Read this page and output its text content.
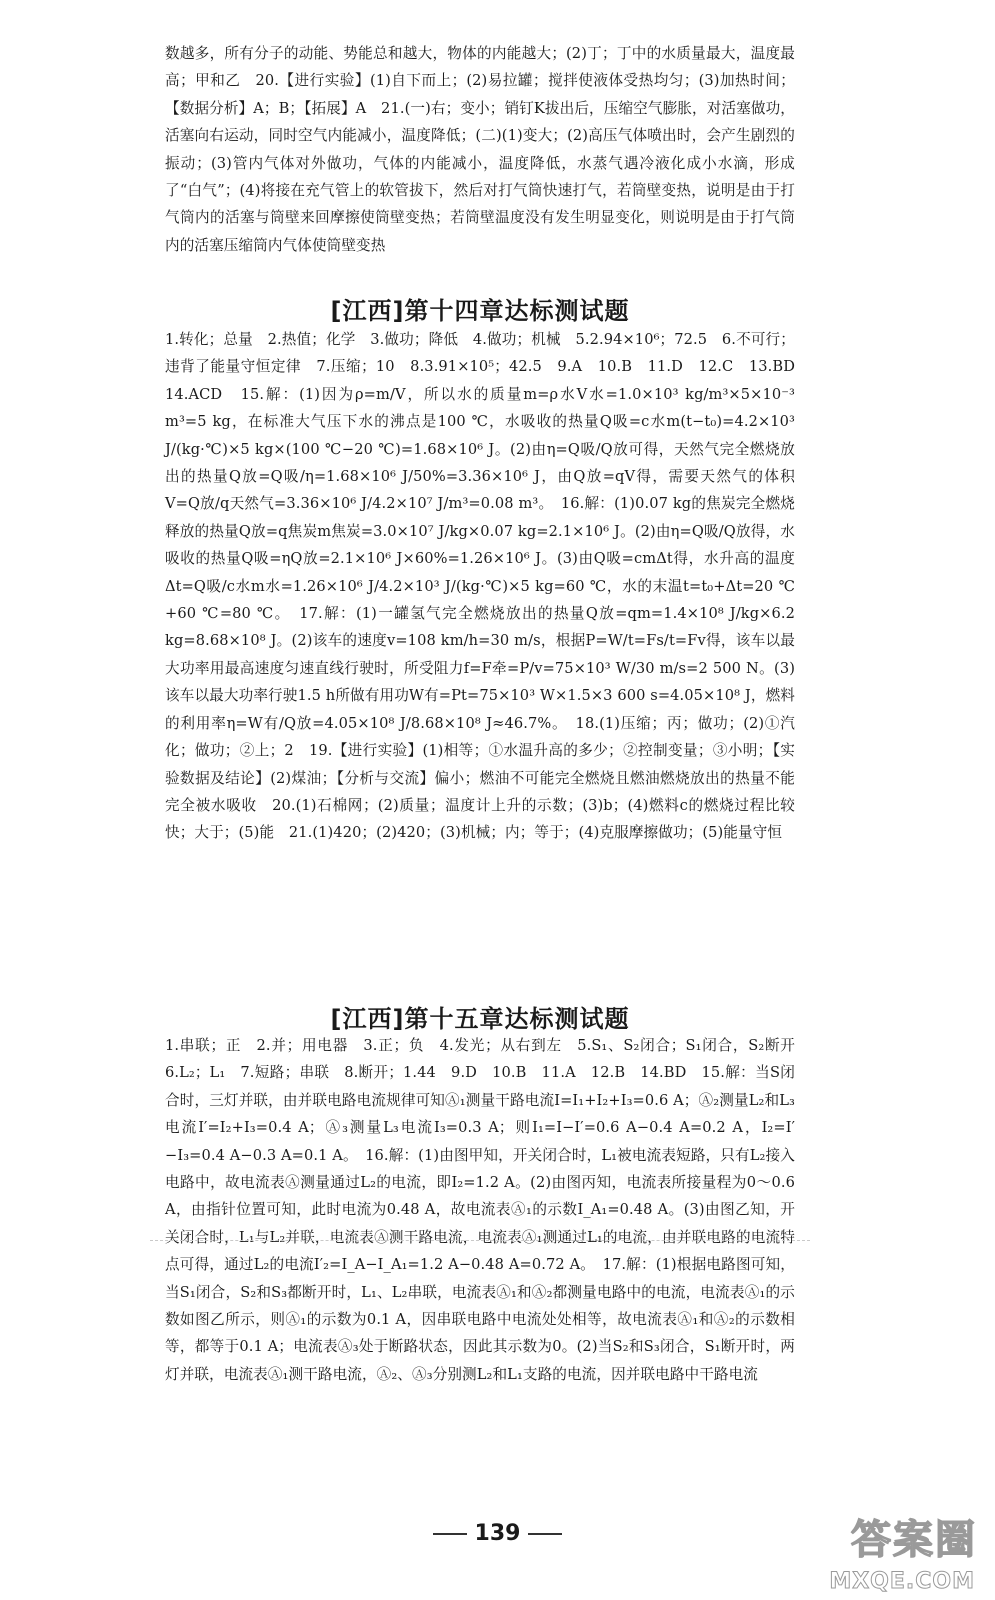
数越多，所有分子的动能、势能总和越大，物体的内能越大；(2)丁；丁中的水质量最大，温度最高；甲和乙　20.【进行实验】(1)自下而上；(2)易拉罐；搅拌使液体受热均匀；(3)加热时间；【数据分析】A；B；【拓展】A　21.(一)右；变小；销钉K拔出后，压缩空气膨胀，对活塞做功，活塞向右运动，同时空气内能减小，温度降低；(二)(1)变大；(2)高压气体喷出时，会产生剧烈的振动；(3)管内气体对外做功，气体的内能减小，温度降低，水蒸气遇冷液化成小水滴，形成了“白气”；(4)将接在充气管上的软管拔下，然后对打气筒快速打气，若筒壁变热，说明是由于打气筒内的活塞与筒壁来回摩擦使筒壁变热；若筒壁温度没有发生明显变化，则说明是由于打气筒内的活塞压缩筒内气体使筒壁变热

[江西]第十四章达标测试题

1.转化；总量　2.热值；化学　3.做功；降低　4.做功；机械　5.2.94×10⁶；72.5　6.不可行；违背了能量守恒定律　7.压缩；10　8.3.91×10⁵；42.5　9.A　10.B　11.D　12.C　13.BD　14.ACD　15.解：(1)因为ρ=m/V，所以水的质量m=ρ水V水=1.0×10³ kg/m³×5×10⁻³ m³=5 kg，在标准大气压下水的沸点是100 ℃，水吸收的热量Q吸=c水m(t−t₀)=4.2×10³ J/(kg·℃)×5 kg×(100 ℃−20 ℃)=1.68×10⁶ J。(2)由η=Q吸/Q放可得，天然气完全燃烧放出的热量Q放=Q吸/η=1.68×10⁶ J/50%=3.36×10⁶ J，由Q放=qV得，需要天然气的体积V=Q放/q天然气=3.36×10⁶ J/4.2×10⁷ J/m³=0.08 m³。　16.解：(1)0.07 kg的焦炭完全燃烧释放的热量Q放=q焦炭m焦炭=3.0×10⁷ J/kg×0.07 kg=2.1×10⁶ J。(2)由η=Q吸/Q放得，水吸收的热量Q吸=ηQ放=2.1×10⁶ J×60%=1.26×10⁶ J。(3)由Q吸=cmΔt得，水升高的温度Δt=Q吸/c水m水=1.26×10⁶ J/4.2×10³ J/(kg·℃)×5 kg=60 ℃，水的末温t=t₀+Δt=20 ℃+60 ℃=80 ℃。　17.解：(1)一罐氢气完全燃烧放出的热量Q放=qm=1.4×10⁸ J/kg×6.2 kg=8.68×10⁸ J。(2)该车的速度v=108 km/h=30 m/s，根据P=W/t=Fs/t=Fv得，该车以最大功率用最高速度匀速直线行驶时，所受阻力f=F牵=P/v=75×10³ W/30 m/s=2 500 N。(3)该车以最大功率行驶1.5 h所做有用功W有=Pt=75×10³ W×1.5×3 600 s=4.05×10⁸ J，燃料的利用率η=W有/Q放=4.05×10⁸ J/8.68×10⁸ J≈46.7%。　18.(1)压缩；丙；做功；(2)①汽化；做功；②上；2　19.【进行实验】(1)相等；①水温升高的多少；②控制变量；③小明；【实验数据及结论】(2)煤油；【分析与交流】偏小；燃油不可能完全燃烧且燃油燃烧放出的热量不能完全被水吸收　20.(1)石棉网；(2)质量；温度计上升的示数；(3)b；(4)燃料c的燃烧过程比较快；大于；(5)能　21.(1)420；(2)420；(3)机械；内；等于；(4)克服摩擦做功；(5)能量守恒

[江西]第十五章达标测试题

1.串联；正　2.并；用电器　3.正；负　4.发光；从右到左　5.S₁、S₂闭合；S₁闭合，S₂断开　6.L₂；L₁　7.短路；串联　8.断开；1.44　9.D　10.B　11.A　12.B　14.BD　15.解：当S闭合时，三灯并联，由并联电路电流规律可知Ⓐ₁测量干路电流I=I₁+I₂+I₃=0.6 A；Ⓐ₂测量L₂和L₃电流I′=I₂+I₃=0.4 A；Ⓐ₃测量L₃电流I₃=0.3 A；则I₁=I−I′=0.6 A−0.4 A=0.2 A，I₂=I′−I₃=0.4 A−0.3 A=0.1 A。　16.解：(1)由图甲知，开关闭合时，L₁被电流表短路，只有L₂接入电路中，故电流表Ⓐ测量通过L₂的电流，即I₂=1.2 A。(2)由图丙知，电流表所接量程为0～0.6 A，由指针位置可知，此时电流为0.48 A，故电流表Ⓐ₁的示数I_A₁=0.48 A。(3)由图乙知，开关闭合时，L₁与L₂并联，电流表Ⓐ测干路电流，电流表Ⓐ₁测通过L₁的电流，由并联电路的电流特点可得，通过L₂的电流I′₂=I_A−I_A₁=1.2 A−0.48 A=0.72 A。　17.解：(1)根据电路图可知，当S₁闭合，S₂和S₃都断开时，L₁、L₂串联，电流表Ⓐ₁和Ⓐ₂都测量电路中的电流，电流表Ⓐ₁的示数如图乙所示，则Ⓐ₁的示数为0.1 A，因串联电路中电流处处相等，故电流表Ⓐ₁和Ⓐ₂的示数相等，都等于0.1 A；电流表Ⓐ₃处于断路状态，因此其示数为0。(2)当S₂和S₃闭合，S₁断开时，两灯并联，电流表Ⓐ₁测干路电流，Ⓐ₂、Ⓐ₃分别测L₂和L₁支路的电流，因并联电路中干路电流

139	答案圈
MXQE.COM
